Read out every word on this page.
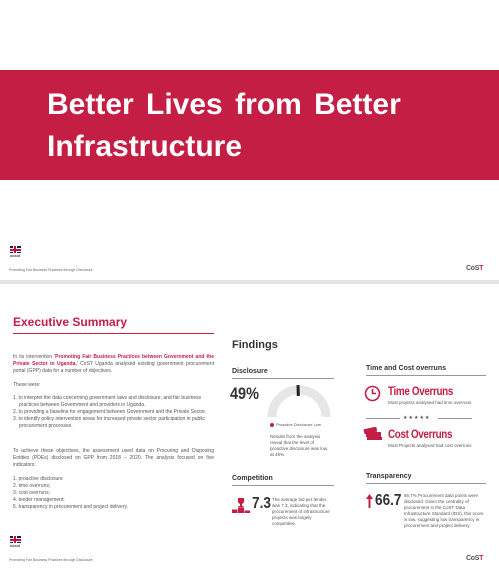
Better Lives from Better Infrastructure
ukaid
Promoting Fair Business Practices through Disclosure	CoST
Executive Summary
In its intervention 'Promoting Fair Business Practices between Government and the Private Sector in Uganda,' CoST Uganda analysed existing government procurement portal (GPP) data for a number of objectives.
These were:
1. to interpret the data concerning government laws and disclosure, and fair business practices between Government and providers in Uganda.
2. to providing a baseline for engagement between Government and the Private Sector.
3. to identify policy intervention areas for increased private sector participation in public procurement processes.
To achieve these objectives, the assessment used data on Procuring and Disposing Entities (PDEs) disclosed on GPP from 2018 – 2020. The analysis focused on five indicators:
1. proactive disclosure
2. time overruns;
3. cost overruns;
4. tender management;
5. transparency in procurement and project delivery.
Findings
Disclosure
49%
Proactive Disclosure Low
Results from the analysis reveal that the level of proactive disclosure was low, at 49%.
Competition
7.3 The average bid per tender was 7.3, indicating that the procurement of infrastructure projects was largely competitive.
Time and Cost overruns
Time Overruns
Most projects analysed had time overruns
★★★★★
Cost Overruns
Most Projects analysed had cost overruns
Transparency
66.7 66.7% Procurement data points were disclosed. Given the centrality of procurement in the CoST Data Infrastructure Standard (IDS), this score is low, suggesting low transparency in procurement and project delivery.
ukaid
Promoting Fair Business Practices through Disclosure	CoST
